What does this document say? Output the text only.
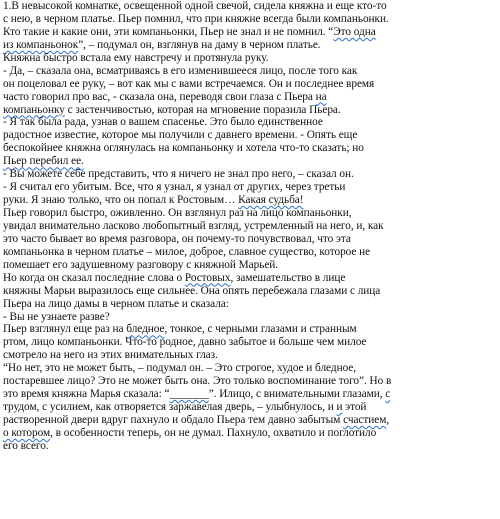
1.В невысокой комнатке, освещенной одной свечой, сидела княжна и еще кто-то
с нею, в черном платье. Пьер помнил, что при княжне всегда были компаньонки.
Кто такие и какие они, эти компаньонки, Пьер не знал и не помнил. “Это одна
из компаньонок”, – подумал он, взглянув на даму в черном платье.
Княжна быстро встала ему навстречу и протянула руку.
- Да, – сказала она, всматриваясь в его изменившееся лицо, после того как
он поцеловал ее руку, – вот как мы с вами встречаемся. Он и последнее время
часто говорил про вас, - сказала она, переводя свои глаза с Пьера на
компаньонку с застенчивостью, которая на мгновение поразила Пьера.
- Я так была рада, узнав о вашем спасенье. Это было единственное
радостное известие, которое мы получили с давнего времени. - Опять еще
беспокойнее княжна оглянулась на компаньонку и хотела что-то сказать; но
Пьер перебил ее.
- Вы можете себе представить, что я ничего не знал про него, – сказал он.
- Я считал его убитым. Все, что я узнал, я узнал от других, через третьи
руки. Я знаю только, что он попал к Ростовым… Какая судьба!
Пьер говорил быстро, оживленно. Он взглянул раз на лицо компаньонки,
увидал внимательно ласково любопытный взгляд, устремленный на него, и, как
это часто бывает во время разговора, он почему-то почувствовал, что эта
компаньонка в черном платье – милое, доброе, славное существо, которое не
помешает его задушевному разговору с княжной Марьей.
Но когда он сказал последние слова о Ростовых, замешательство в лице
княжны Марьи выразилось еще сильнее. Она опять перебежала глазами с лица
Пьера на лицо дамы в черном платье и сказала:
- Вы не узнаете разве?
Пьер взглянул еще раз на бледное, тонкое, с черными глазами и странным
ртом, лицо компаньонки. Что-то родное, давно забытое и больше чем милое
смотрело на него из этих внимательных глаз.
“Но нет, это не может быть, – подумал он. – Это строгое, худое и бледное,
постаревшее лицо? Это не может быть она. Это только воспоминание того”. Но в
это время княжна Марья сказала: “_______”. Илицо, с внимательными глазами, с
трудом, с усилием, как отворяется заржавелая дверь, – улыбнулось, и и этой
растворенной двери вдруг пахнуло и обдало Пьера тем давно забытым счастием,
о котором, в особенности теперь, он не думал. Пахнуло, охватило и поглотило
его всего.
